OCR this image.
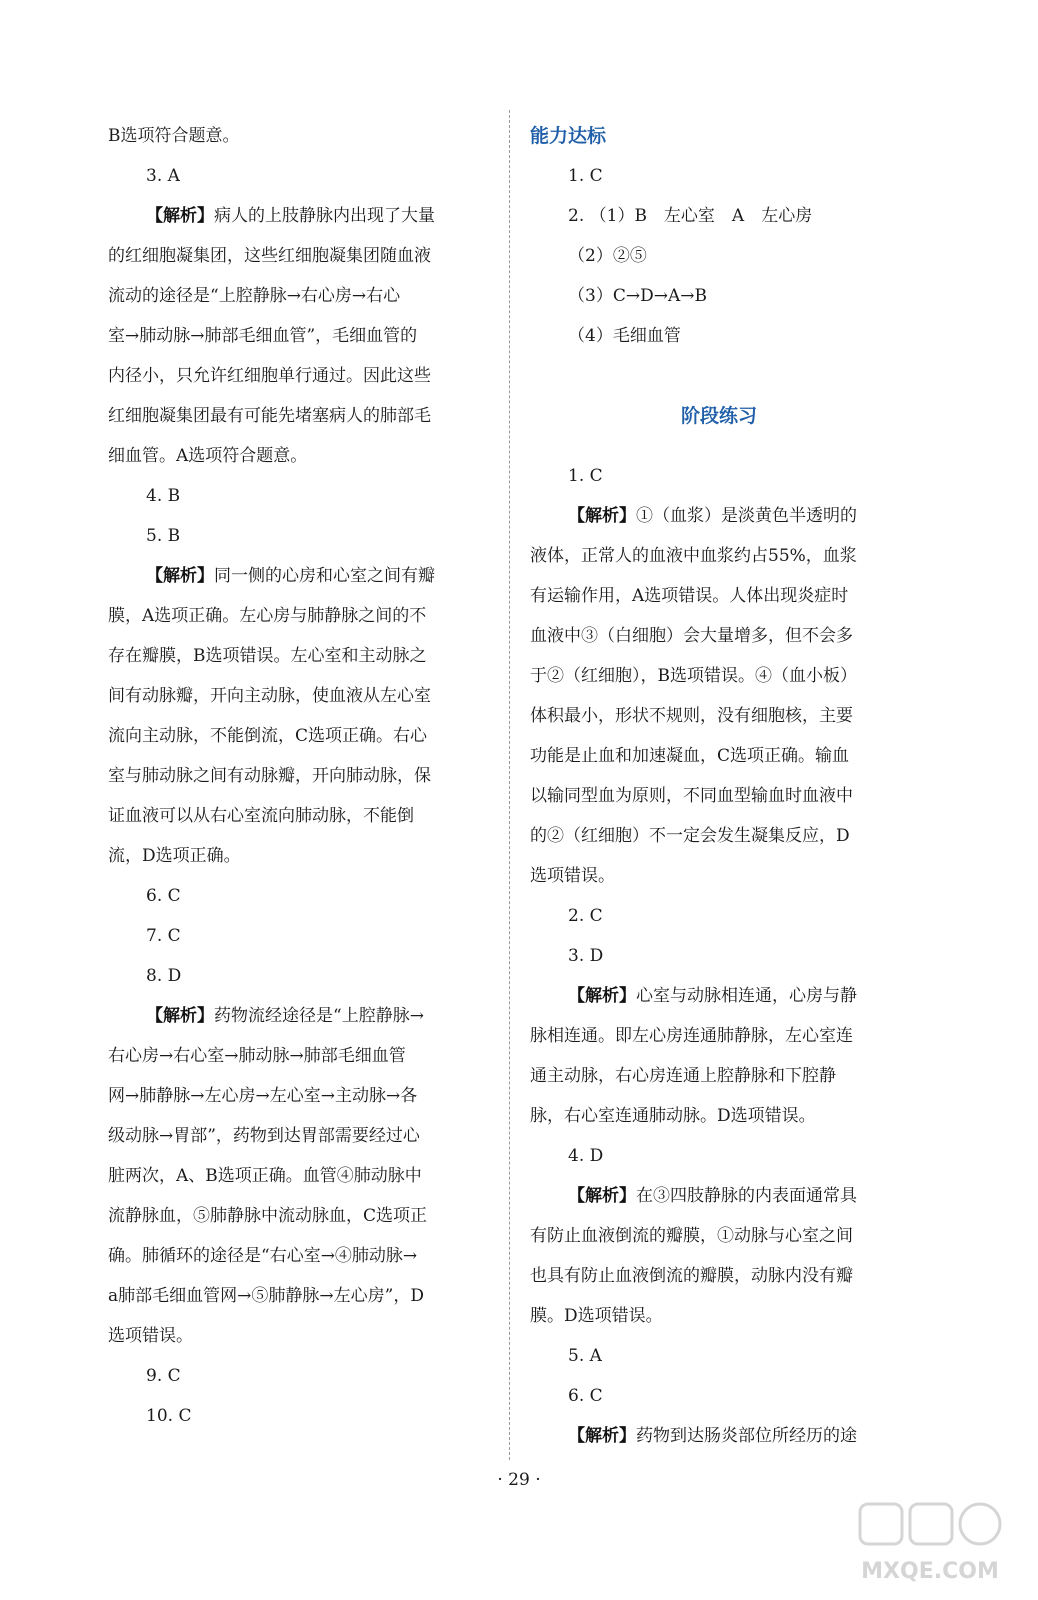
B选项符合题意。
3. A
【解析】病人的上肢静脉内出现了大量
的红细胞凝集团，这些红细胞凝集团随血液
流动的途径是“上腔静脉→右心房→右心
室→肺动脉→肺部毛细血管”，毛细血管的
内径小，只允许红细胞单行通过。因此这些
红细胞凝集团最有可能先堵塞病人的肺部毛
细血管。A选项符合题意。
4. B
5. B
【解析】同一侧的心房和心室之间有瓣
膜，A选项正确。左心房与肺静脉之间的不
存在瓣膜，B选项错误。左心室和主动脉之
间有动脉瓣，开向主动脉，使血液从左心室
流向主动脉，不能倒流，C选项正确。右心
室与肺动脉之间有动脉瓣，开向肺动脉，保
证血液可以从右心室流向肺动脉，不能倒
流，D选项正确。
6. C
7. C
8. D
【解析】药物流经途径是“上腔静脉→
右心房→右心室→肺动脉→肺部毛细血管
网→肺静脉→左心房→左心室→主动脉→各
级动脉→胃部”，药物到达胃部需要经过心
脏两次，A、B选项正确。血管④肺动脉中
流静脉血，⑤肺静脉中流动脉血，C选项正
确。肺循环的途径是“右心室→④肺动脉→
a肺部毛细血管网→⑤肺静脉→左心房”，D
选项错误。
9. C
10. C
能力达标
1. C
2. （1）B　左心室　A　左心房
（2）②⑤
（3）C→D→A→B
（4）毛细血管
阶段练习
1. C
【解析】①（血浆）是淡黄色半透明的
液体，正常人的血液中血浆约占55%，血浆
有运输作用，A选项错误。人体出现炎症时
血液中③（白细胞）会大量增多，但不会多
于②（红细胞），B选项错误。④（血小板）
体积最小，形状不规则，没有细胞核，主要
功能是止血和加速凝血，C选项正确。输血
以输同型血为原则，不同血型输血时血液中
的②（红细胞）不一定会发生凝集反应，D
选项错误。
2. C
3. D
【解析】心室与动脉相连通，心房与静
脉相连通。即左心房连通肺静脉，左心室连
通主动脉，右心房连通上腔静脉和下腔静
脉，右心室连通肺动脉。D选项错误。
4. D
【解析】在③四肢静脉的内表面通常具
有防止血液倒流的瓣膜，①动脉与心室之间
也具有防止血液倒流的瓣膜，动脉内没有瓣
膜。D选项错误。
5. A
6. C
【解析】药物到达肠炎部位所经历的途
· 29 ·
MXQE.COM
